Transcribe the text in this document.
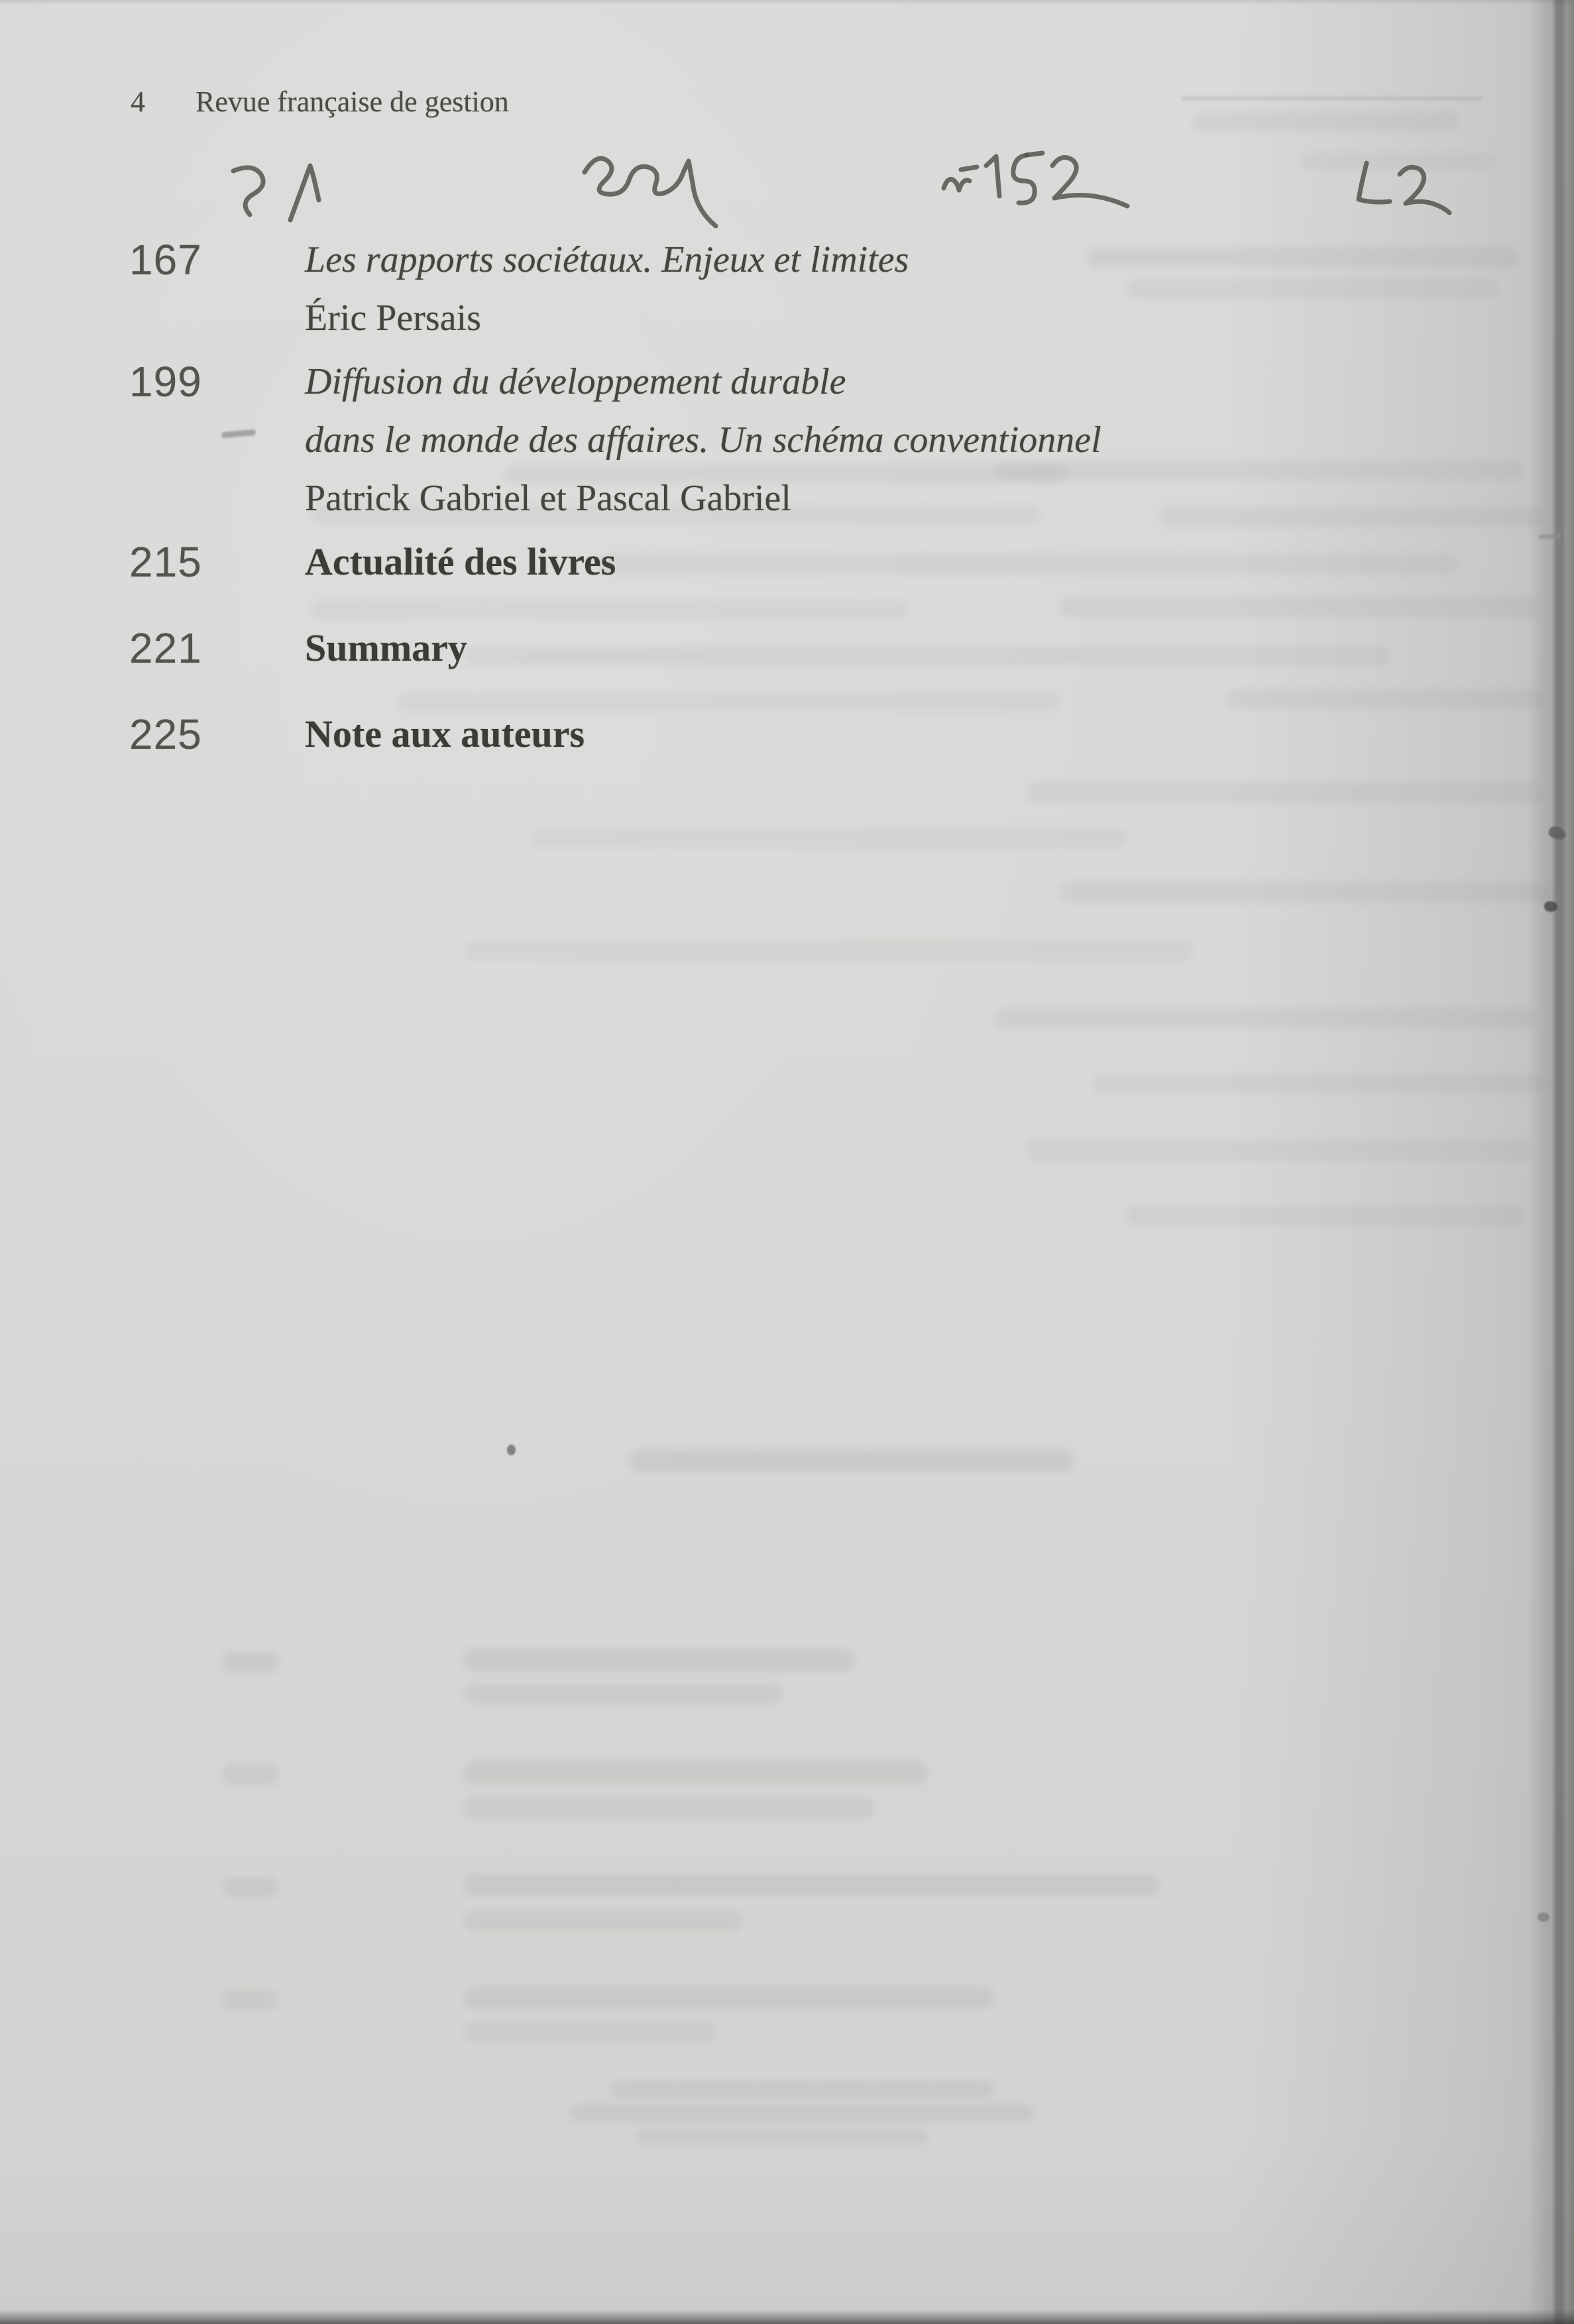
4 Revue française de gestion
167	Les rapports sociétaux. Enjeux et limites
Éric Persais
199	Diffusion du développement durable
dans le monde des affaires. Un schéma conventionnel
Patrick Gabriel et Pascal Gabriel
215	Actualité des livres
221	Summary
225	Note aux auteurs
